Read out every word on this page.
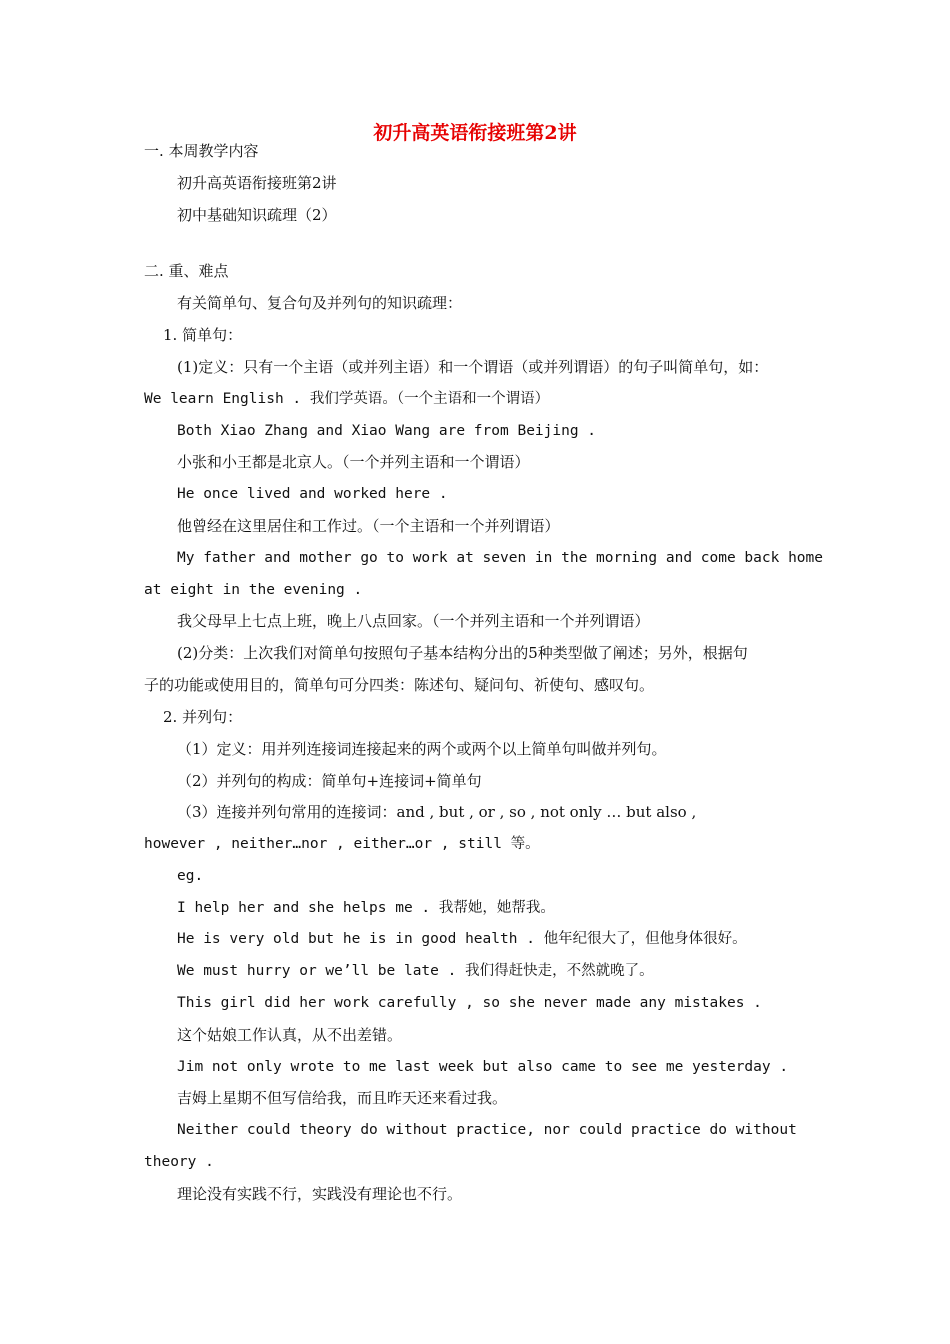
初升高英语衔接班第2讲
一. 本周教学内容
初升高英语衔接班第2讲
初中基础知识疏理（2）
二. 重、难点
有关简单句、复合句及并列句的知识疏理：
1. 简单句：
(1)定义：只有一个主语（或并列主语）和一个谓语（或并列谓语）的句子叫简单句，如：
We learn English . 我们学英语。（一个主语和一个谓语）
Both Xiao Zhang and Xiao Wang are from Beijing .
小张和小王都是北京人。（一个并列主语和一个谓语）
He once lived and worked here .
他曾经在这里居住和工作过。（一个主语和一个并列谓语）
My father and mother go to work at seven in the morning and come back home
at eight in the evening .
我父母早上七点上班，晚上八点回家。（一个并列主语和一个并列谓语）
(2)分类：上次我们对简单句按照句子基本结构分出的5种类型做了阐述；另外，根据句
子的功能或使用目的，简单句可分四类：陈述句、疑问句、祈使句、感叹句。
2. 并列句：
（1）定义：用并列连接词连接起来的两个或两个以上简单句叫做并列句。
（2）并列句的构成：简单句+连接词+简单句
（3）连接并列句常用的连接词：and , but , or , so , not only … but also ,
however , neither…nor , either…or , still 等。
eg.
I help her and she helps me . 我帮她，她帮我。
He is very old but he is in good health . 他年纪很大了，但他身体很好。
We must hurry or we’ll be late . 我们得赶快走，不然就晚了。
This girl did her work carefully , so she never made any mistakes .
这个姑娘工作认真，从不出差错。
Jim not only wrote to me last week but also came to see me yesterday .
吉姆上星期不但写信给我，而且昨天还来看过我。
Neither could theory do without practice, nor could practice do without
theory .
理论没有实践不行，实践没有理论也不行。
